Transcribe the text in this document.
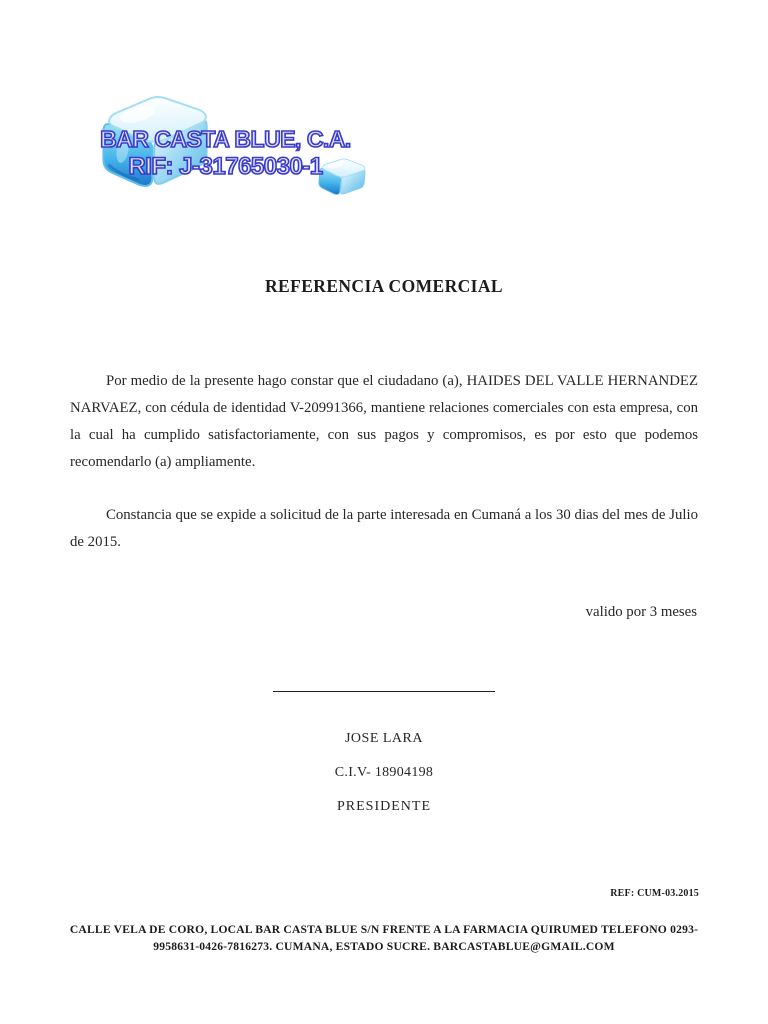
BAR CASTA BLUE, C.A.
RIF: J-31765030-1
REFERENCIA COMERCIAL
Por medio de la presente hago constar que el ciudadano (a), HAIDES DEL VALLE HERNANDEZ NARVAEZ, con cédula de identidad V-20991366, mantiene relaciones comerciales con esta empresa, con la cual ha cumplido satisfactoriamente, con sus pagos y compromisos, es por esto que podemos recomendarlo (a) ampliamente.
Constancia que se expide a solicitud de la parte interesada en Cumaná a los 30 dias del mes de Julio de 2015.
valido por 3 meses
JOSE LARA
C.I.V- 18904198
PRESIDENTE
REF: CUM-03.2015
CALLE VELA DE CORO, LOCAL BAR CASTA BLUE S/N FRENTE A LA FARMACIA QUIRUMED TELEFONO 0293-
9958631-0426-7816273. CUMANA, ESTADO SUCRE. BARCASTABLUE@GMAIL.COM
